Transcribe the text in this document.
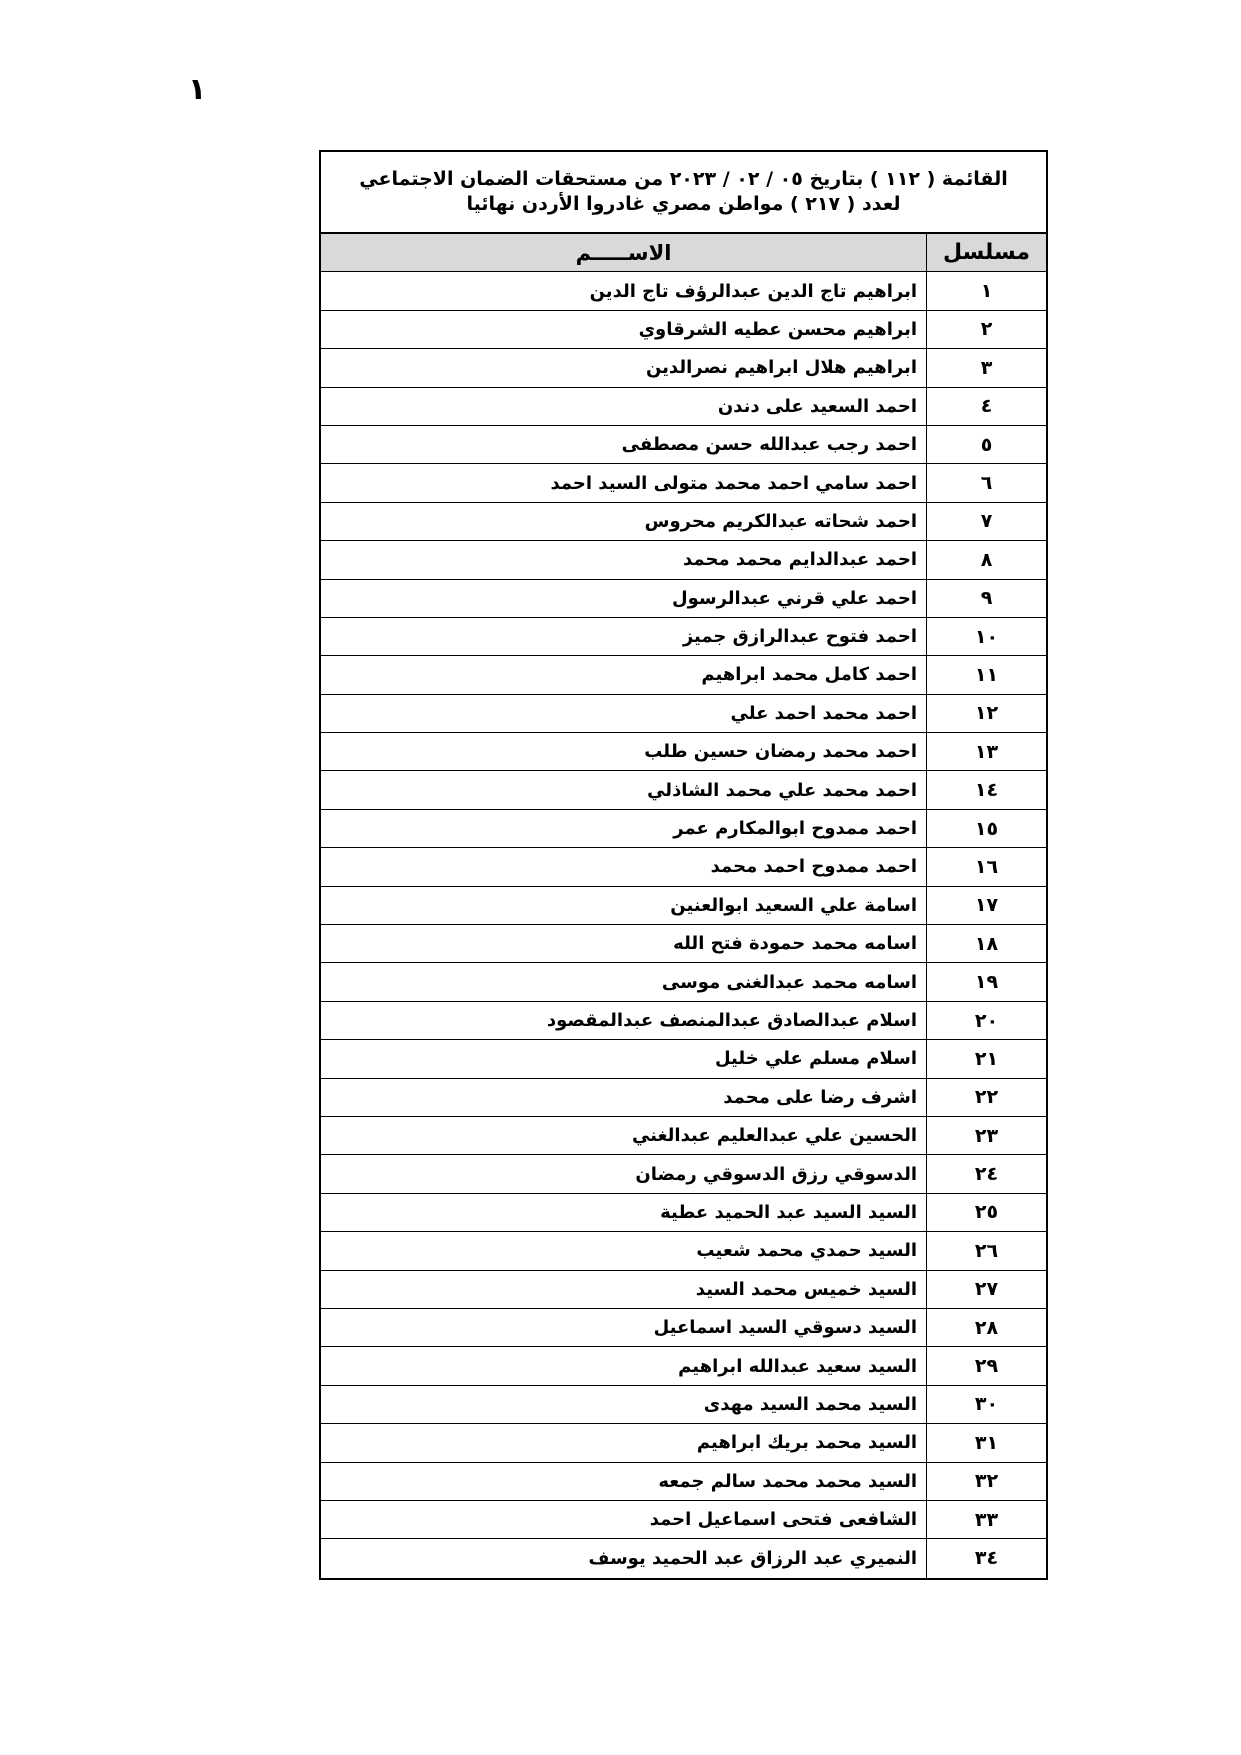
١
القائمة ( ١١٢ ) بتاريخ ٠٥ / ٠٢ / ٢٠٢٣ من مستحقات الضمان الاجتماعي
لعدد ( ٢١٧ ) مواطن مصري غادروا الأردن نهائيا
مسلسل
الاســـــم
١
ابراهيم تاج الدين عبدالرؤف تاج الدين
٢
ابراهيم محسن عطيه الشرقاوي
٣
ابراهيم هلال ابراهيم نصرالدين
٤
احمد السعيد على دندن
٥
احمد رجب عبدالله حسن مصطفى
٦
احمد سامي احمد محمد متولى السيد احمد
٧
احمد شحاته عبدالكريم محروس
٨
احمد عبدالدايم محمد محمد
٩
احمد علي قرني عبدالرسول
١٠
احمد فتوح عبدالرازق جميز
١١
احمد كامل محمد ابراهيم
١٢
احمد محمد احمد علي
١٣
احمد محمد رمضان حسين طلب
١٤
احمد محمد علي محمد الشاذلي
١٥
احمد ممدوح ابوالمكارم عمر
١٦
احمد ممدوح احمد محمد
١٧
اسامة علي السعيد ابوالعنين
١٨
اسامه محمد حمودة فتح الله
١٩
اسامه محمد عبدالغنى موسى
٢٠
اسلام عبدالصادق عبدالمنصف عبدالمقصود
٢١
اسلام مسلم علي خليل
٢٢
اشرف رضا على محمد
٢٣
الحسين علي عبدالعليم عبدالغني
٢٤
الدسوقي رزق الدسوقي رمضان
٢٥
السيد السيد عبد الحميد عطية
٢٦
السيد حمدي محمد شعيب
٢٧
السيد خميس محمد السيد
٢٨
السيد دسوقي السيد اسماعيل
٢٩
السيد سعيد عبدالله ابراهيم
٣٠
السيد محمد السيد مهدى
٣١
السيد محمد بريك ابراهيم
٣٢
السيد محمد محمد سالم جمعه
٣٣
الشافعى فتحى اسماعيل احمد
٣٤
النميري عبد الرزاق عبد الحميد يوسف
